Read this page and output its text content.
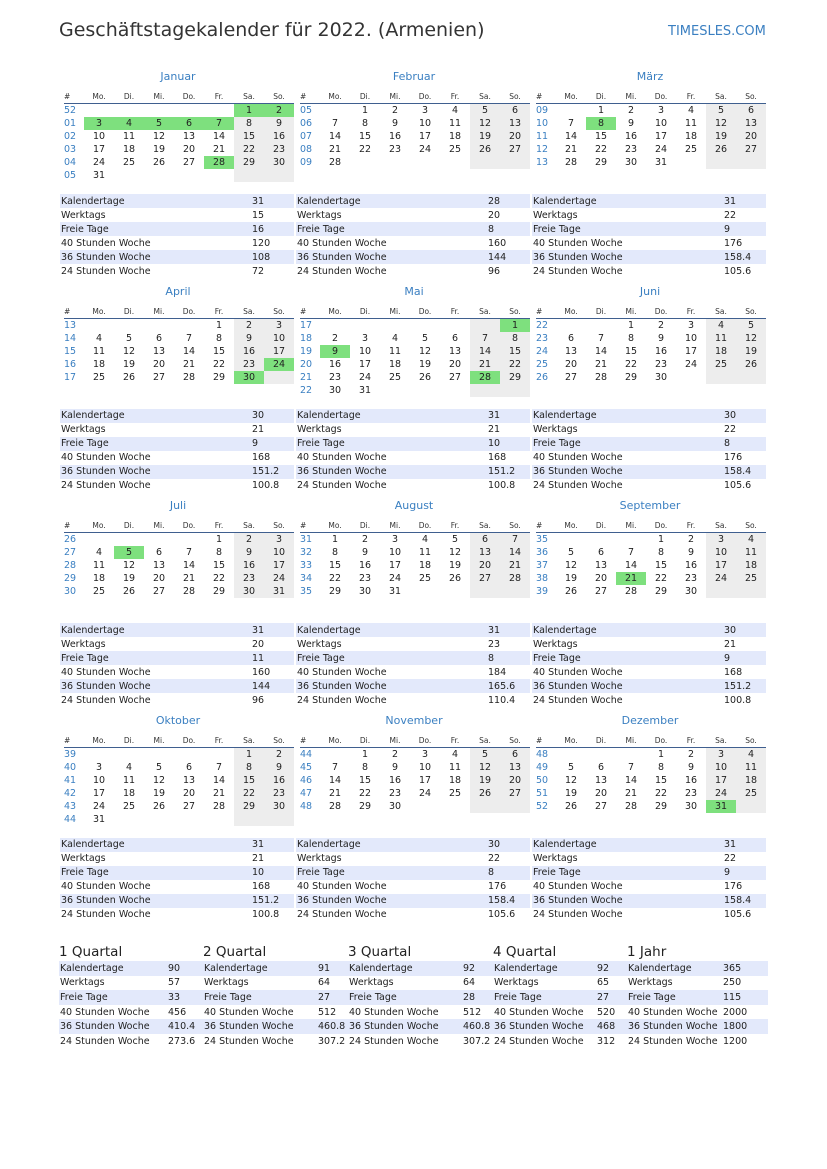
Geschäftstagekalender für 2022. (Armenien)	TIMESLES.COM
Januar
#	Mo.	Di.	Mi.	Do.	Fr.	Sa.	So.
52						1	2
01	3	4	5	6	7	8	9
02	10	11	12	13	14	15	16
03	17	18	19	20	21	22	23
04	24	25	26	27	28	29	30
05	31						
Kalendertage	31
Werktags	15
Freie Tage	16
40 Stunden Woche	120
36 Stunden Woche	108
24 Stunden Woche	72
Februar
#	Mo.	Di.	Mi.	Do.	Fr.	Sa.	So.
05		1	2	3	4	5	6
06	7	8	9	10	11	12	13
07	14	15	16	17	18	19	20
08	21	22	23	24	25	26	27
09	28						
Kalendertage	28
Werktags	20
Freie Tage	8
40 Stunden Woche	160
36 Stunden Woche	144
24 Stunden Woche	96
März
#	Mo.	Di.	Mi.	Do.	Fr.	Sa.	So.
09		1	2	3	4	5	6
10	7	8	9	10	11	12	13
11	14	15	16	17	18	19	20
12	21	22	23	24	25	26	27
13	28	29	30	31			
Kalendertage	31
Werktags	22
Freie Tage	9
40 Stunden Woche	176
36 Stunden Woche	158.4
24 Stunden Woche	105.6
April
#	Mo.	Di.	Mi.	Do.	Fr.	Sa.	So.
13					1	2	3
14	4	5	6	7	8	9	10
15	11	12	13	14	15	16	17
16	18	19	20	21	22	23	24
17	25	26	27	28	29	30	
Kalendertage	30
Werktags	21
Freie Tage	9
40 Stunden Woche	168
36 Stunden Woche	151.2
24 Stunden Woche	100.8
Mai
#	Mo.	Di.	Mi.	Do.	Fr.	Sa.	So.
17							1
18	2	3	4	5	6	7	8
19	9	10	11	12	13	14	15
20	16	17	18	19	20	21	22
21	23	24	25	26	27	28	29
22	30	31					
Kalendertage	31
Werktags	21
Freie Tage	10
40 Stunden Woche	168
36 Stunden Woche	151.2
24 Stunden Woche	100.8
Juni
#	Mo.	Di.	Mi.	Do.	Fr.	Sa.	So.
22			1	2	3	4	5
23	6	7	8	9	10	11	12
24	13	14	15	16	17	18	19
25	20	21	22	23	24	25	26
26	27	28	29	30			
Kalendertage	30
Werktags	22
Freie Tage	8
40 Stunden Woche	176
36 Stunden Woche	158.4
24 Stunden Woche	105.6
Juli
#	Mo.	Di.	Mi.	Do.	Fr.	Sa.	So.
26					1	2	3
27	4	5	6	7	8	9	10
28	11	12	13	14	15	16	17
29	18	19	20	21	22	23	24
30	25	26	27	28	29	30	31
Kalendertage	31
Werktags	20
Freie Tage	11
40 Stunden Woche	160
36 Stunden Woche	144
24 Stunden Woche	96
August
#	Mo.	Di.	Mi.	Do.	Fr.	Sa.	So.
31	1	2	3	4	5	6	7
32	8	9	10	11	12	13	14
33	15	16	17	18	19	20	21
34	22	23	24	25	26	27	28
35	29	30	31				
Kalendertage	31
Werktags	23
Freie Tage	8
40 Stunden Woche	184
36 Stunden Woche	165.6
24 Stunden Woche	110.4
September
#	Mo.	Di.	Mi.	Do.	Fr.	Sa.	So.
35				1	2	3	4
36	5	6	7	8	9	10	11
37	12	13	14	15	16	17	18
38	19	20	21	22	23	24	25
39	26	27	28	29	30		
Kalendertage	30
Werktags	21
Freie Tage	9
40 Stunden Woche	168
36 Stunden Woche	151.2
24 Stunden Woche	100.8
Oktober
#	Mo.	Di.	Mi.	Do.	Fr.	Sa.	So.
39						1	2
40	3	4	5	6	7	8	9
41	10	11	12	13	14	15	16
42	17	18	19	20	21	22	23
43	24	25	26	27	28	29	30
44	31						
Kalendertage	31
Werktags	21
Freie Tage	10
40 Stunden Woche	168
36 Stunden Woche	151.2
24 Stunden Woche	100.8
November
#	Mo.	Di.	Mi.	Do.	Fr.	Sa.	So.
44		1	2	3	4	5	6
45	7	8	9	10	11	12	13
46	14	15	16	17	18	19	20
47	21	22	23	24	25	26	27
48	28	29	30				
Kalendertage	30
Werktags	22
Freie Tage	8
40 Stunden Woche	176
36 Stunden Woche	158.4
24 Stunden Woche	105.6
Dezember
#	Mo.	Di.	Mi.	Do.	Fr.	Sa.	So.
48				1	2	3	4
49	5	6	7	8	9	10	11
50	12	13	14	15	16	17	18
51	19	20	21	22	23	24	25
52	26	27	28	29	30	31	
Kalendertage	31
Werktags	22
Freie Tage	9
40 Stunden Woche	176
36 Stunden Woche	158.4
24 Stunden Woche	105.6
1 Quartal
Kalendertage	90
Werktags	57
Freie Tage	33
40 Stunden Woche	456
36 Stunden Woche	410.4
24 Stunden Woche	273.6
2 Quartal
Kalendertage	91
Werktags	64
Freie Tage	27
40 Stunden Woche	512
36 Stunden Woche	460.8
24 Stunden Woche	307.2
3 Quartal
Kalendertage	92
Werktags	64
Freie Tage	28
40 Stunden Woche	512
36 Stunden Woche	460.8
24 Stunden Woche	307.2
4 Quartal
Kalendertage	92
Werktags	65
Freie Tage	27
40 Stunden Woche	520
36 Stunden Woche	468
24 Stunden Woche	312
1 Jahr
Kalendertage	365
Werktags	250
Freie Tage	115
40 Stunden Woche	2000
36 Stunden Woche	1800
24 Stunden Woche	1200
